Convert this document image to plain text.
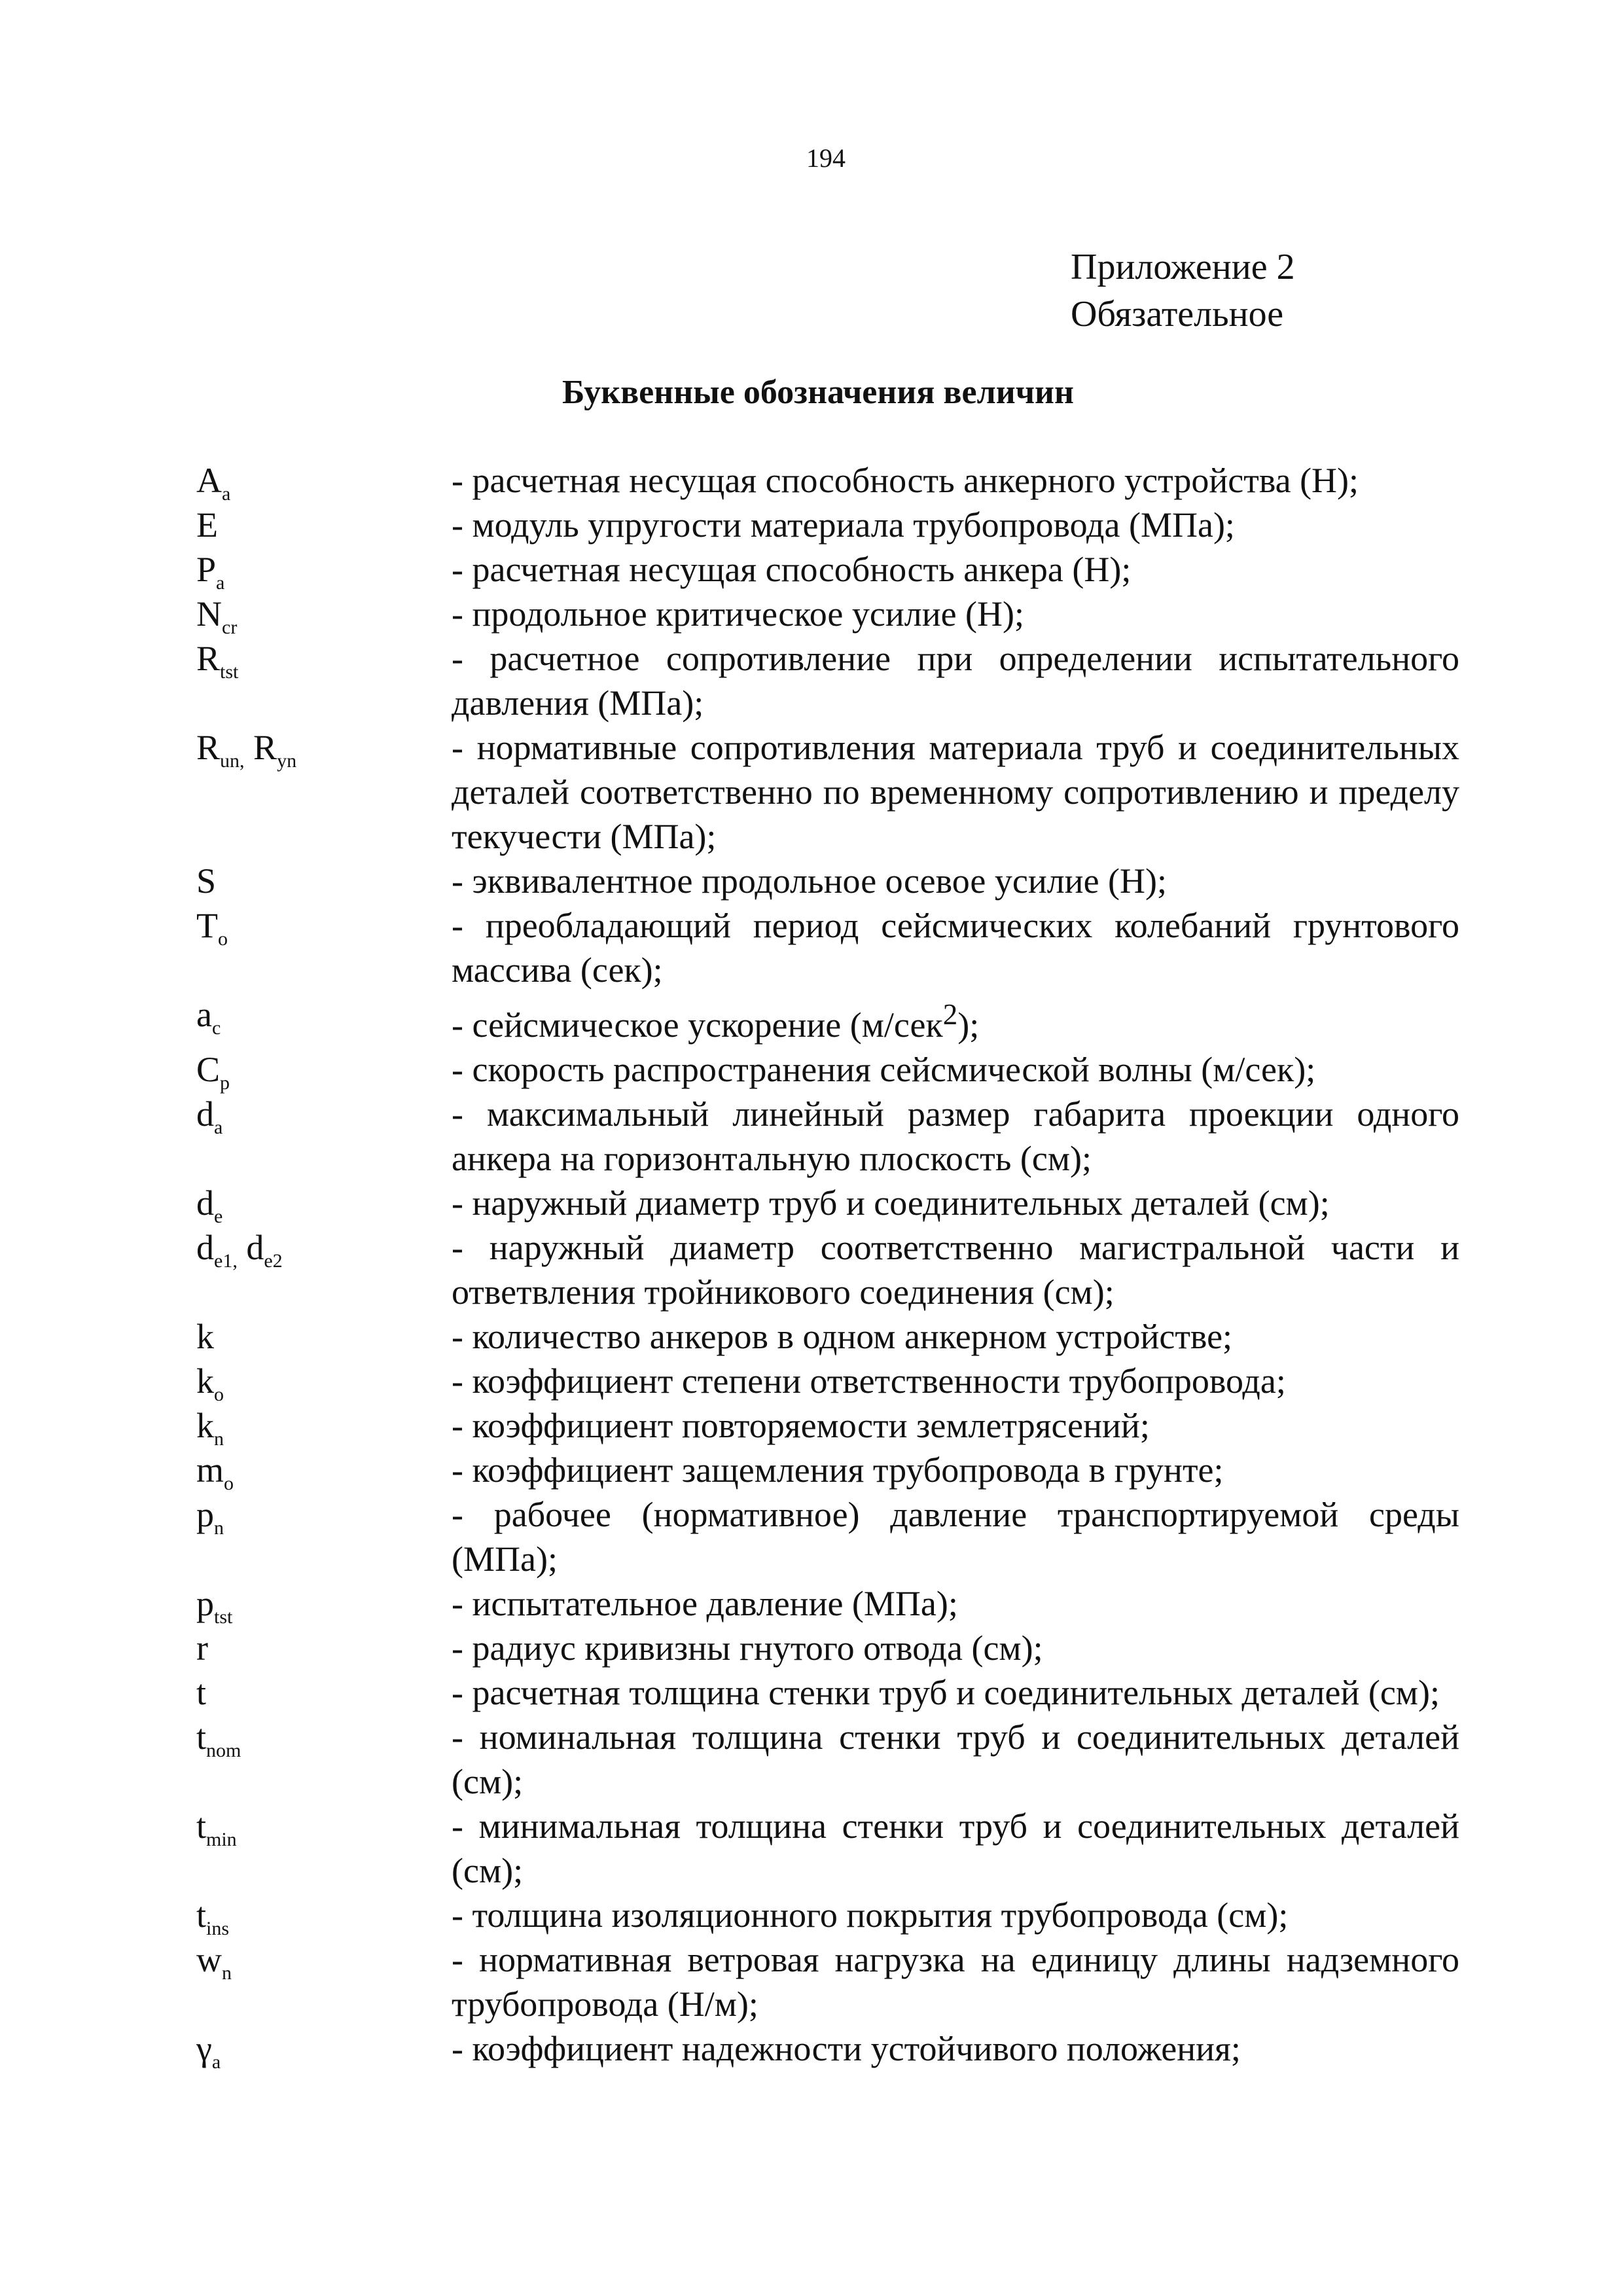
194
Приложение 2
Обязательное
Буквенные обозначения величин
$A_a$	- расчетная несущая способность анкерного устройства (Н);
E	- модуль упругости материала трубопровода (МПа);
$P_a$	- расчетная несущая способность анкера (Н);
$N_{cr}$	- продольное критическое усилие (Н);
$R_{tst}$	- расчетное сопротивление при определении испытательного давления (МПа);
$R_{un,}$ $R_{yn}$	- нормативные сопротивления материала труб и соединительных деталей соответственно по временному сопротивлению и пределу текучести (МПа);
S	- эквивалентное продольное осевое усилие (Н);
$T_o$	- преобладающий период сейсмических колебаний грунтового массива (сек);
$a_c$	- сейсмическое ускорение (м/сек$^2$);
$C_p$	- скорость распространения сейсмической волны (м/сек);
$d_a$	- максимальный линейный размер габарита проекции одного анкера на горизонтальную плоскость (см);
$d_e$	- наружный диаметр труб и соединительных деталей (см);
$d_{e1,}$ $d_{e2}$	- наружный диаметр соответственно магистральной части и ответвления тройникового соединения (см);
k	- количество анкеров в одном анкерном устройстве;
$k_o$	- коэффициент степени ответственности трубопровода;
$k_n$	- коэффициент повторяемости землетрясений;
$m_o$	- коэффициент защемления трубопровода в грунте;
$p_n$	- рабочее (нормативное) давление транспортируемой среды (МПа);
$p_{tst}$	- испытательное давление (МПа);
r	- радиус кривизны гнутого отвода (см);
t	- расчетная толщина стенки труб и соединительных деталей (см);
$t_{nom}$	- номинальная толщина стенки труб и соединительных деталей (см);
$t_{min}$	- минимальная толщина стенки труб и соединительных деталей (см);
$t_{ins}$	- толщина изоляционного покрытия трубопровода (см);
$w_n$	- нормативная ветровая нагрузка на единицу длины надземного трубопровода (Н/м);
$\gamma_a$	- коэффициент надежности устойчивого положения;
